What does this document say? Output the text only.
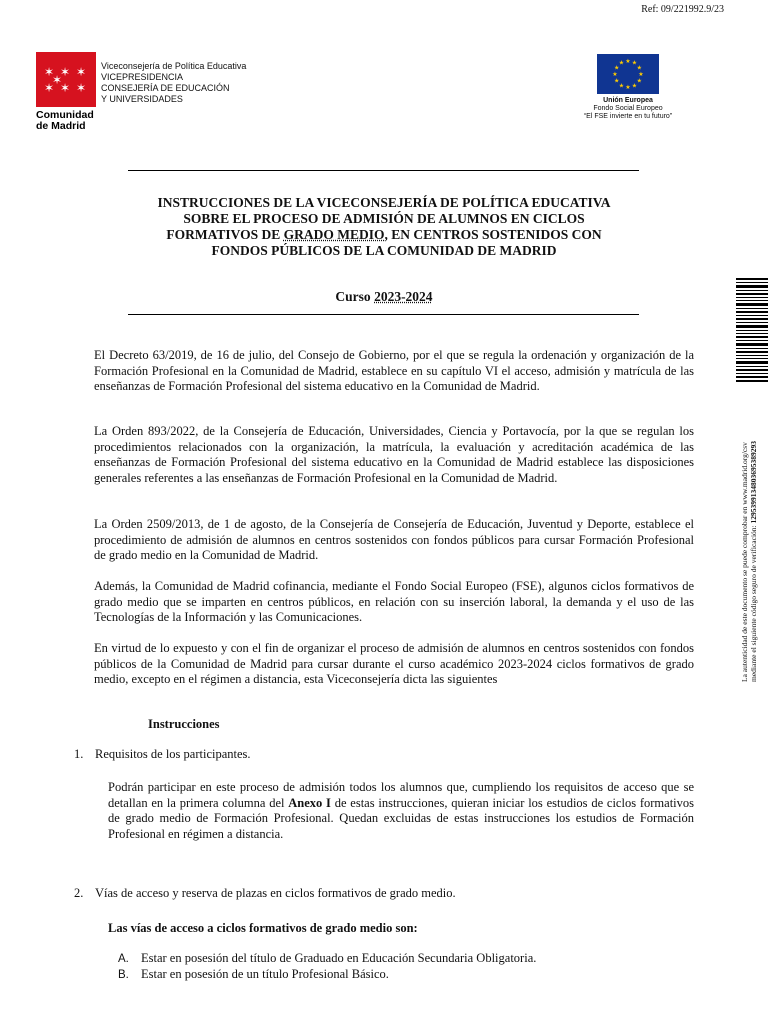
Ref: 09/221992.9/23
✶ ✶ ✶
✶ ✶ ✶
✶
Comunidad
de Madrid
Viceconsejería de Política Educativa
VICEPRESIDENCIA
CONSEJERÍA DE EDUCACIÓN
Y UNIVERSIDADES
★ ★
★
★
★
★
★
★
★
★
★
★
Unión Europea
Fondo Social Europeo
“El FSE invierte en tu futuro”
INSTRUCCIONES DE LA VICECONSEJERÍA DE POLÍTICA EDUCATIVA SOBRE EL PROCESO DE ADMISIÓN DE ALUMNOS EN CICLOS FORMATIVOS DE GRADO MEDIO, EN CENTROS SOSTENIDOS CON FONDOS PÚBLICOS DE LA COMUNIDAD DE MADRID
Curso 2023-2024

El Decreto 63/2019, de 16 de julio, del Consejo de Gobierno, por el que se regula la ordenación y organización de la Formación Profesional en la Comunidad de Madrid, establece en su capítulo VI el acceso, admisión y matrícula de las enseñanzas de Formación Profesional del sistema educativo en la Comunidad de Madrid.

La Orden 893/2022, de la Consejería de Educación, Universidades, Ciencia y Portavocía, por la que se regulan los procedimientos relacionados con la organización, la matrícula, la evaluación y acreditación académica de las enseñanzas de Formación Profesional del sistema educativo en la Comunidad de Madrid establece las disposiciones generales referentes a las enseñanzas de Formación Profesional en la Comunidad de Madrid.

La Orden 2509/2013, de 1 de agosto, de la Consejería de Consejería de Educación, Juventud y Deporte, establece el procedimiento de admisión de alumnos en centros sostenidos con fondos públicos para cursar Formación Profesional de grado medio en la Comunidad de Madrid.

Además, la Comunidad de Madrid cofinancia, mediante el Fondo Social Europeo (FSE), algunos ciclos formativos de grado medio que se imparten en centros públicos, en relación con su inserción laboral, la demanda y el uso de las Tecnologías de la Información y las Comunicaciones.

En virtud de lo expuesto y con el fin de organizar el proceso de admisión de alumnos en centros sostenidos con fondos públicos de la Comunidad de Madrid para cursar durante el curso académico 2023-2024 ciclos formativos de grado medio, excepto en el régimen a distancia, esta Viceconsejería dicta las siguientes

Instrucciones
1. Requisitos de los participantes.

Podrán participar en este proceso de admisión todos los alumnos que, cumpliendo los requisitos de acceso que se detallan en la primera columna del Anexo I de estas instrucciones, quieran iniciar los estudios de ciclos formativos de grado medio de Formación Profesional. Quedan excluidas de estas instrucciones los estudios de Formación Profesional en régimen a distancia.

2. Vías de acceso y reserva de plazas en ciclos formativos de grado medio.
Las vías de acceso a ciclos formativos de grado medio son:
A. Estar en posesión del título de Graduado en Educación Secundaria Obligatoria.
B. Estar en posesión de un título Profesional Básico.
La autenticidad de este documento se puede comprobar en www.madrid.org/csv mediante el siguiente código seguro de verificación: 1295399134803695389293
